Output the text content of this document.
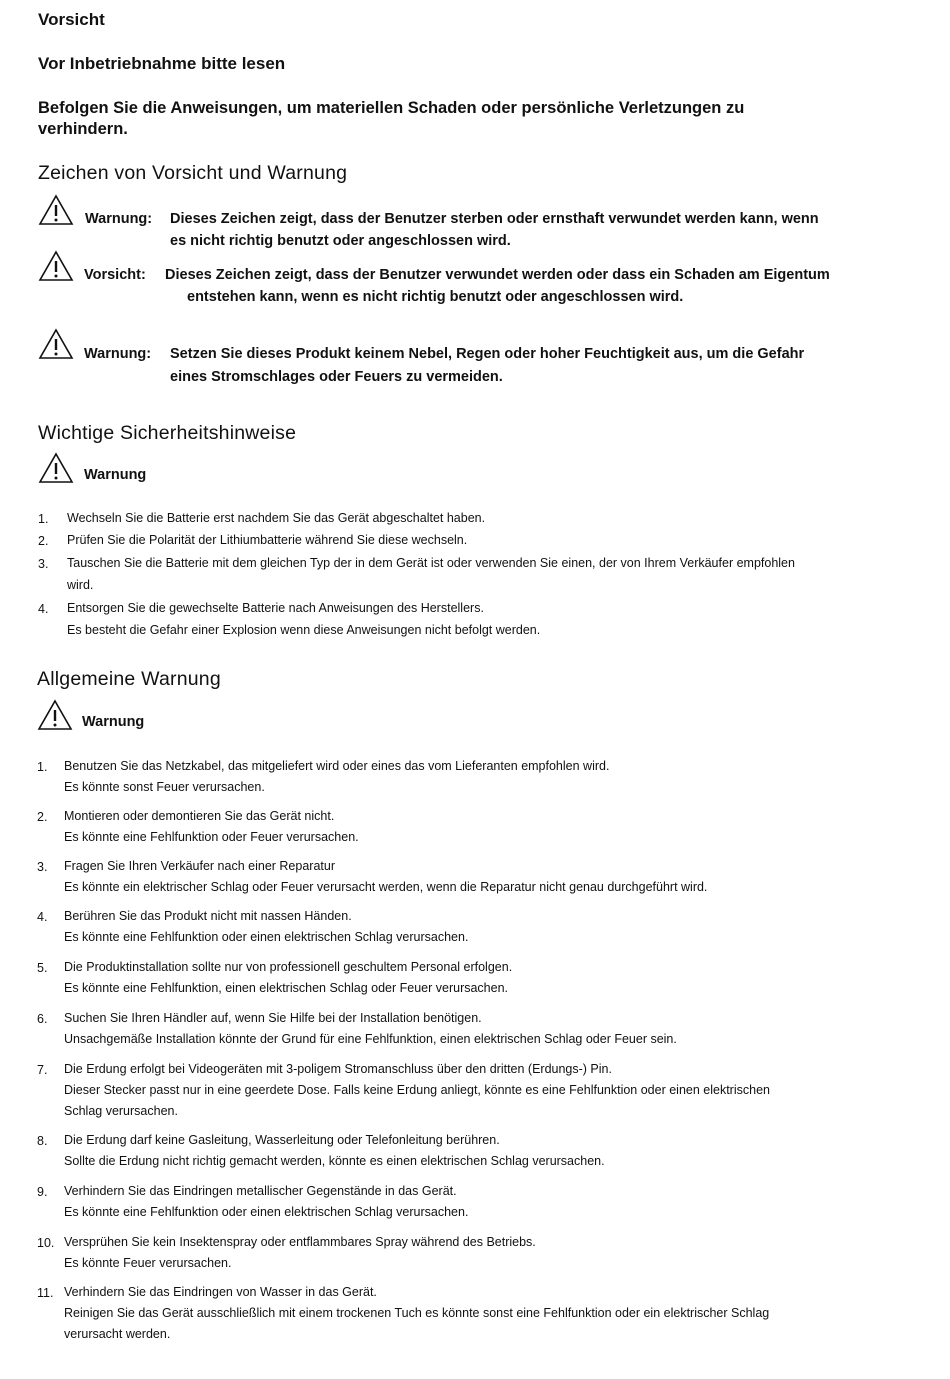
Vorsicht
Vor Inbetriebnahme bitte lesen
Befolgen Sie die Anweisungen, um materiellen Schaden oder persönliche Verletzungen zu
verhindern.
Zeichen von Vorsicht und Warnung
Warnung: Dieses Zeichen zeigt, dass der Benutzer sterben oder ernsthaft verwundet werden kann, wenn
es nicht richtig benutzt oder angeschlossen wird.
Vorsicht: Dieses Zeichen zeigt, dass der Benutzer verwundet werden oder dass ein Schaden am Eigentum
entstehen kann, wenn es nicht richtig benutzt oder angeschlossen wird.
Warnung: Setzen Sie dieses Produkt keinem Nebel, Regen oder hoher Feuchtigkeit aus, um die Gefahr
eines Stromschlages oder Feuers zu vermeiden.
Wichtige Sicherheitshinweise
Warnung
1. Wechseln Sie die Batterie erst nachdem Sie das Gerät abgeschaltet haben.
2. Prüfen Sie die Polarität der Lithiumbatterie während Sie diese wechseln.
3. Tauschen Sie die Batterie mit dem gleichen Typ der in dem Gerät ist oder verwenden Sie einen, der von Ihrem Verkäufer empfohlen
wird.
4. Entsorgen Sie die gewechselte Batterie nach Anweisungen des Herstellers.
Es besteht die Gefahr einer Explosion wenn diese Anweisungen nicht befolgt werden.
Allgemeine Warnung
Warnung
1. Benutzen Sie das Netzkabel, das mitgeliefert wird oder eines das vom Lieferanten empfohlen wird.
Es könnte sonst Feuer verursachen.
2. Montieren oder demontieren Sie das Gerät nicht.
Es könnte eine Fehlfunktion oder Feuer verursachen.
3. Fragen Sie Ihren Verkäufer nach einer Reparatur
Es könnte ein elektrischer Schlag oder Feuer verursacht werden, wenn die Reparatur nicht genau durchgeführt wird.
4. Berühren Sie das Produkt nicht mit nassen Händen.
Es könnte eine Fehlfunktion oder einen elektrischen Schlag verursachen.
5. Die Produktinstallation sollte nur von professionell geschultem Personal erfolgen.
Es könnte eine Fehlfunktion, einen elektrischen Schlag oder Feuer verursachen.
6. Suchen Sie Ihren Händler auf, wenn Sie Hilfe bei der Installation benötigen.
Unsachgemäße Installation könnte der Grund für eine Fehlfunktion, einen elektrischen Schlag oder Feuer sein.
7. Die Erdung erfolgt bei Videogeräten mit 3-poligem Stromanschluss über den dritten (Erdungs-) Pin.
Dieser Stecker passt nur in eine geerdete Dose. Falls keine Erdung anliegt, könnte es eine Fehlfunktion oder einen elektrischen
Schlag verursachen.
8. Die Erdung darf keine Gasleitung, Wasserleitung oder Telefonleitung berühren.
Sollte die Erdung nicht richtig gemacht werden, könnte es einen elektrischen Schlag verursachen.
9. Verhindern Sie das Eindringen metallischer Gegenstände in das Gerät.
Es könnte eine Fehlfunktion oder einen elektrischen Schlag verursachen.
10. Versprühen Sie kein Insektenspray oder entflammbares Spray während des Betriebs.
Es könnte Feuer verursachen.
11. Verhindern Sie das Eindringen von Wasser in das Gerät.
Reinigen Sie das Gerät ausschließlich mit einem trockenen Tuch es könnte sonst eine Fehlfunktion oder ein elektrischer Schlag
verursacht werden.
